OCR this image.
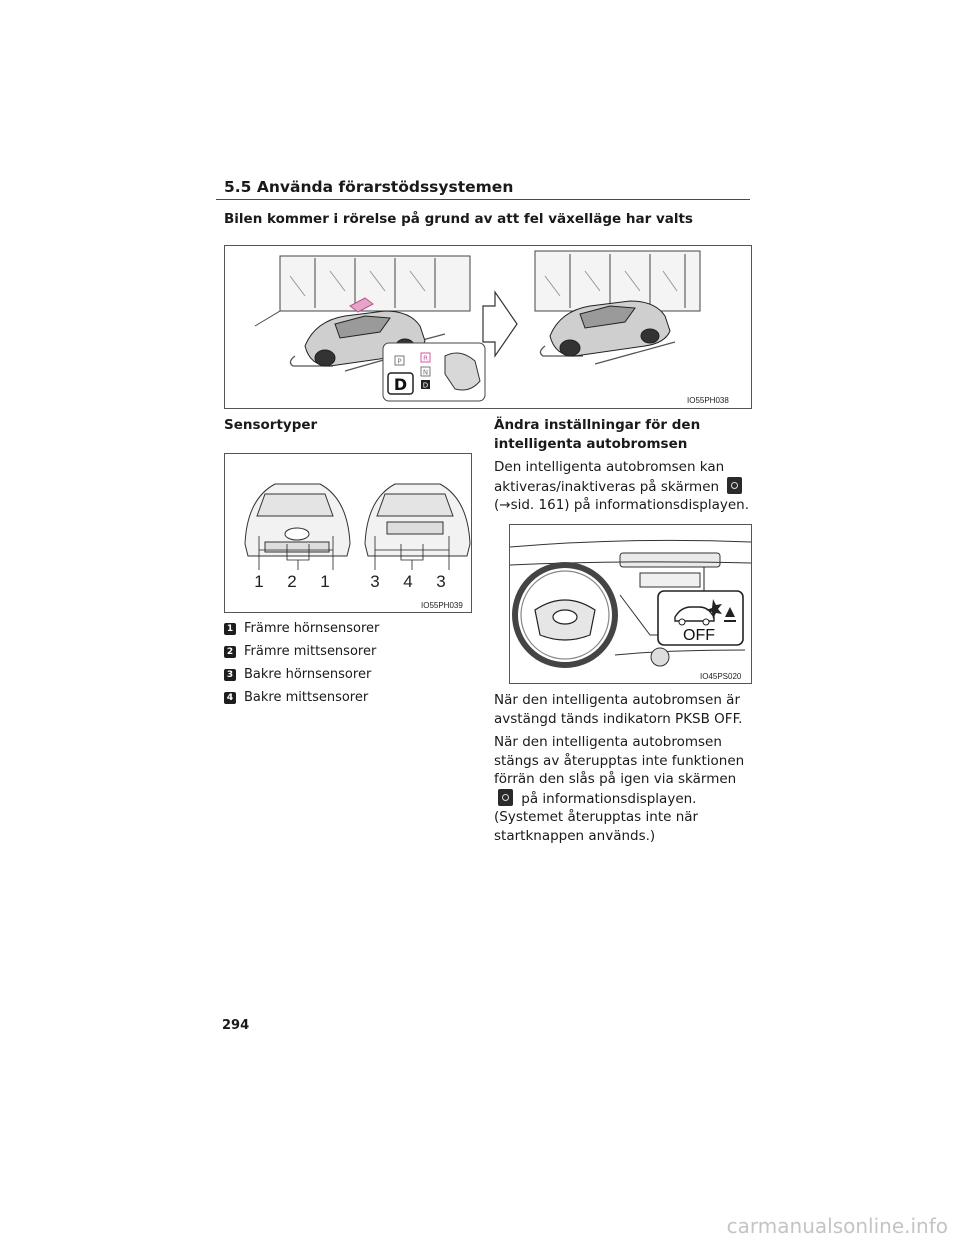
5.5 Använda förarstödssystemen
Bilen kommer i rörelse på grund av att fel växelläge har valts
P	R
N
D D
IO55PH038
Sensortyper
1 2 1 3 4 3
IO55PH039
1 Främre hörnsensorer
2 Främre mittsensorer
3 Bakre hörnsensorer
4 Bakre mittsensorer
Ändra inställningar för den intelligenta autobromsen
Den intelligenta autobromsen kan aktiveras/inaktiveras på skärmen  (→sid. 161) på informationsdisplayen.
OFF
IO45PS020
När den intelligenta autobromsen är avstängd tänds indikatorn PKSB OFF.
När den intelligenta autobromsen stängs av återupptas inte funktionen förrän den slås på igen via skärmen  på informationsdisplayen. (Systemet återupptas inte när startknappen används.)
294
carmanualsonline.info
